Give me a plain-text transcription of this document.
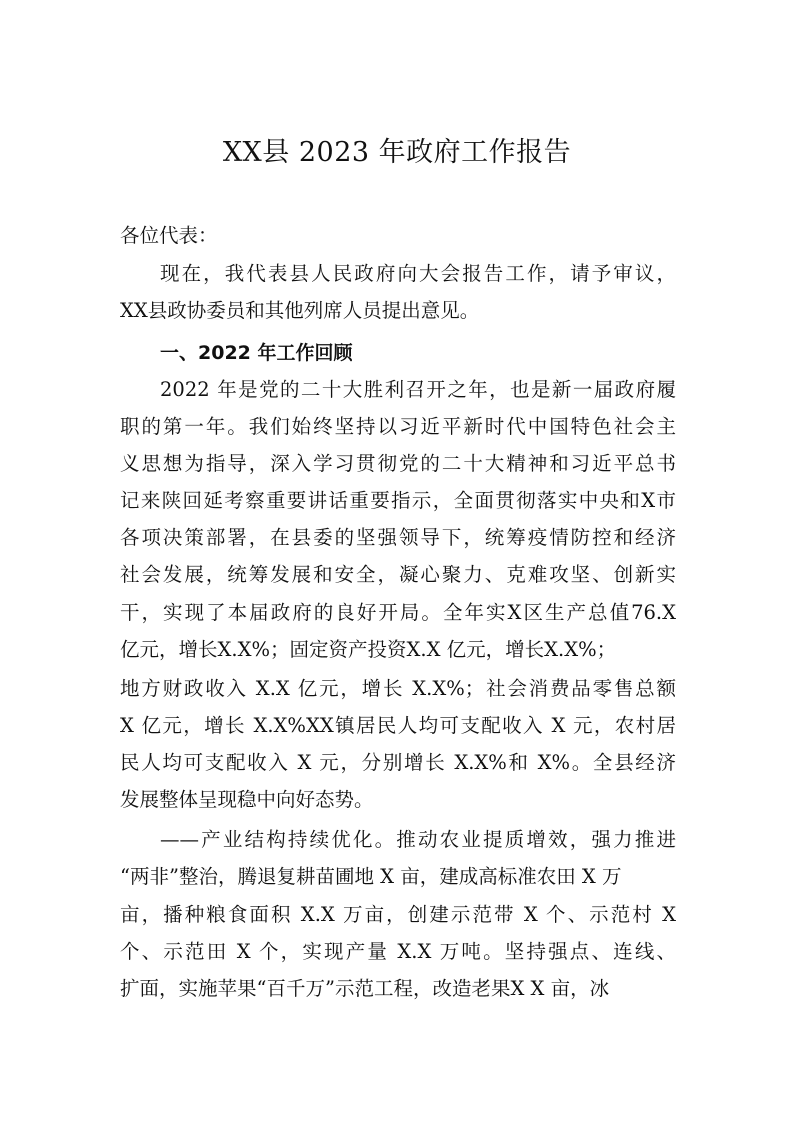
XX县 2023 年政府工作报告
各位代表：
现在，我代表县人民政府向大会报告工作，请予审议，
XX县政协委员和其他列席人员提出意见。
一、2022 年工作回顾
2022 年是党的二十大胜利召开之年，也是新一届政府履
职的第一年。我们始终坚持以习近平新时代中国特色社会主
义思想为指导，深入学习贯彻党的二十大精神和习近平总书
记来陕回延考察重要讲话重要指示，全面贯彻落实中央和X市
各项决策部署，在县委的坚强领导下，统筹疫情防控和经济
社会发展，统筹发展和安全，凝心聚力、克难攻坚、创新实
干，实现了本届政府的良好开局。全年实X区生产总值76.X
亿元，增长X.X%；固定资产投资X.X 亿元，增长X.X%；
地方财政收入 X.X 亿元，增长 X.X%；社会消费品零售总额
X 亿元，增长 X.X%XX镇居民人均可支配收入 X 元，农村居
民人均可支配收入 X 元，分别增长 X.X%和 X%。全县经济
发展整体呈现稳中向好态势。
——产业结构持续优化。推动农业提质增效，强力推进
“两非”整治，腾退复耕苗圃地 X 亩，建成高标准农田 X 万
亩，播种粮食面积 X.X 万亩，创建示范带 X 个、示范村 X
个、示范田 X 个，实现产量 X.X 万吨。坚持强点、连线、
扩面，实施苹果“百千万”示范工程，改造老果X X 亩，冰
